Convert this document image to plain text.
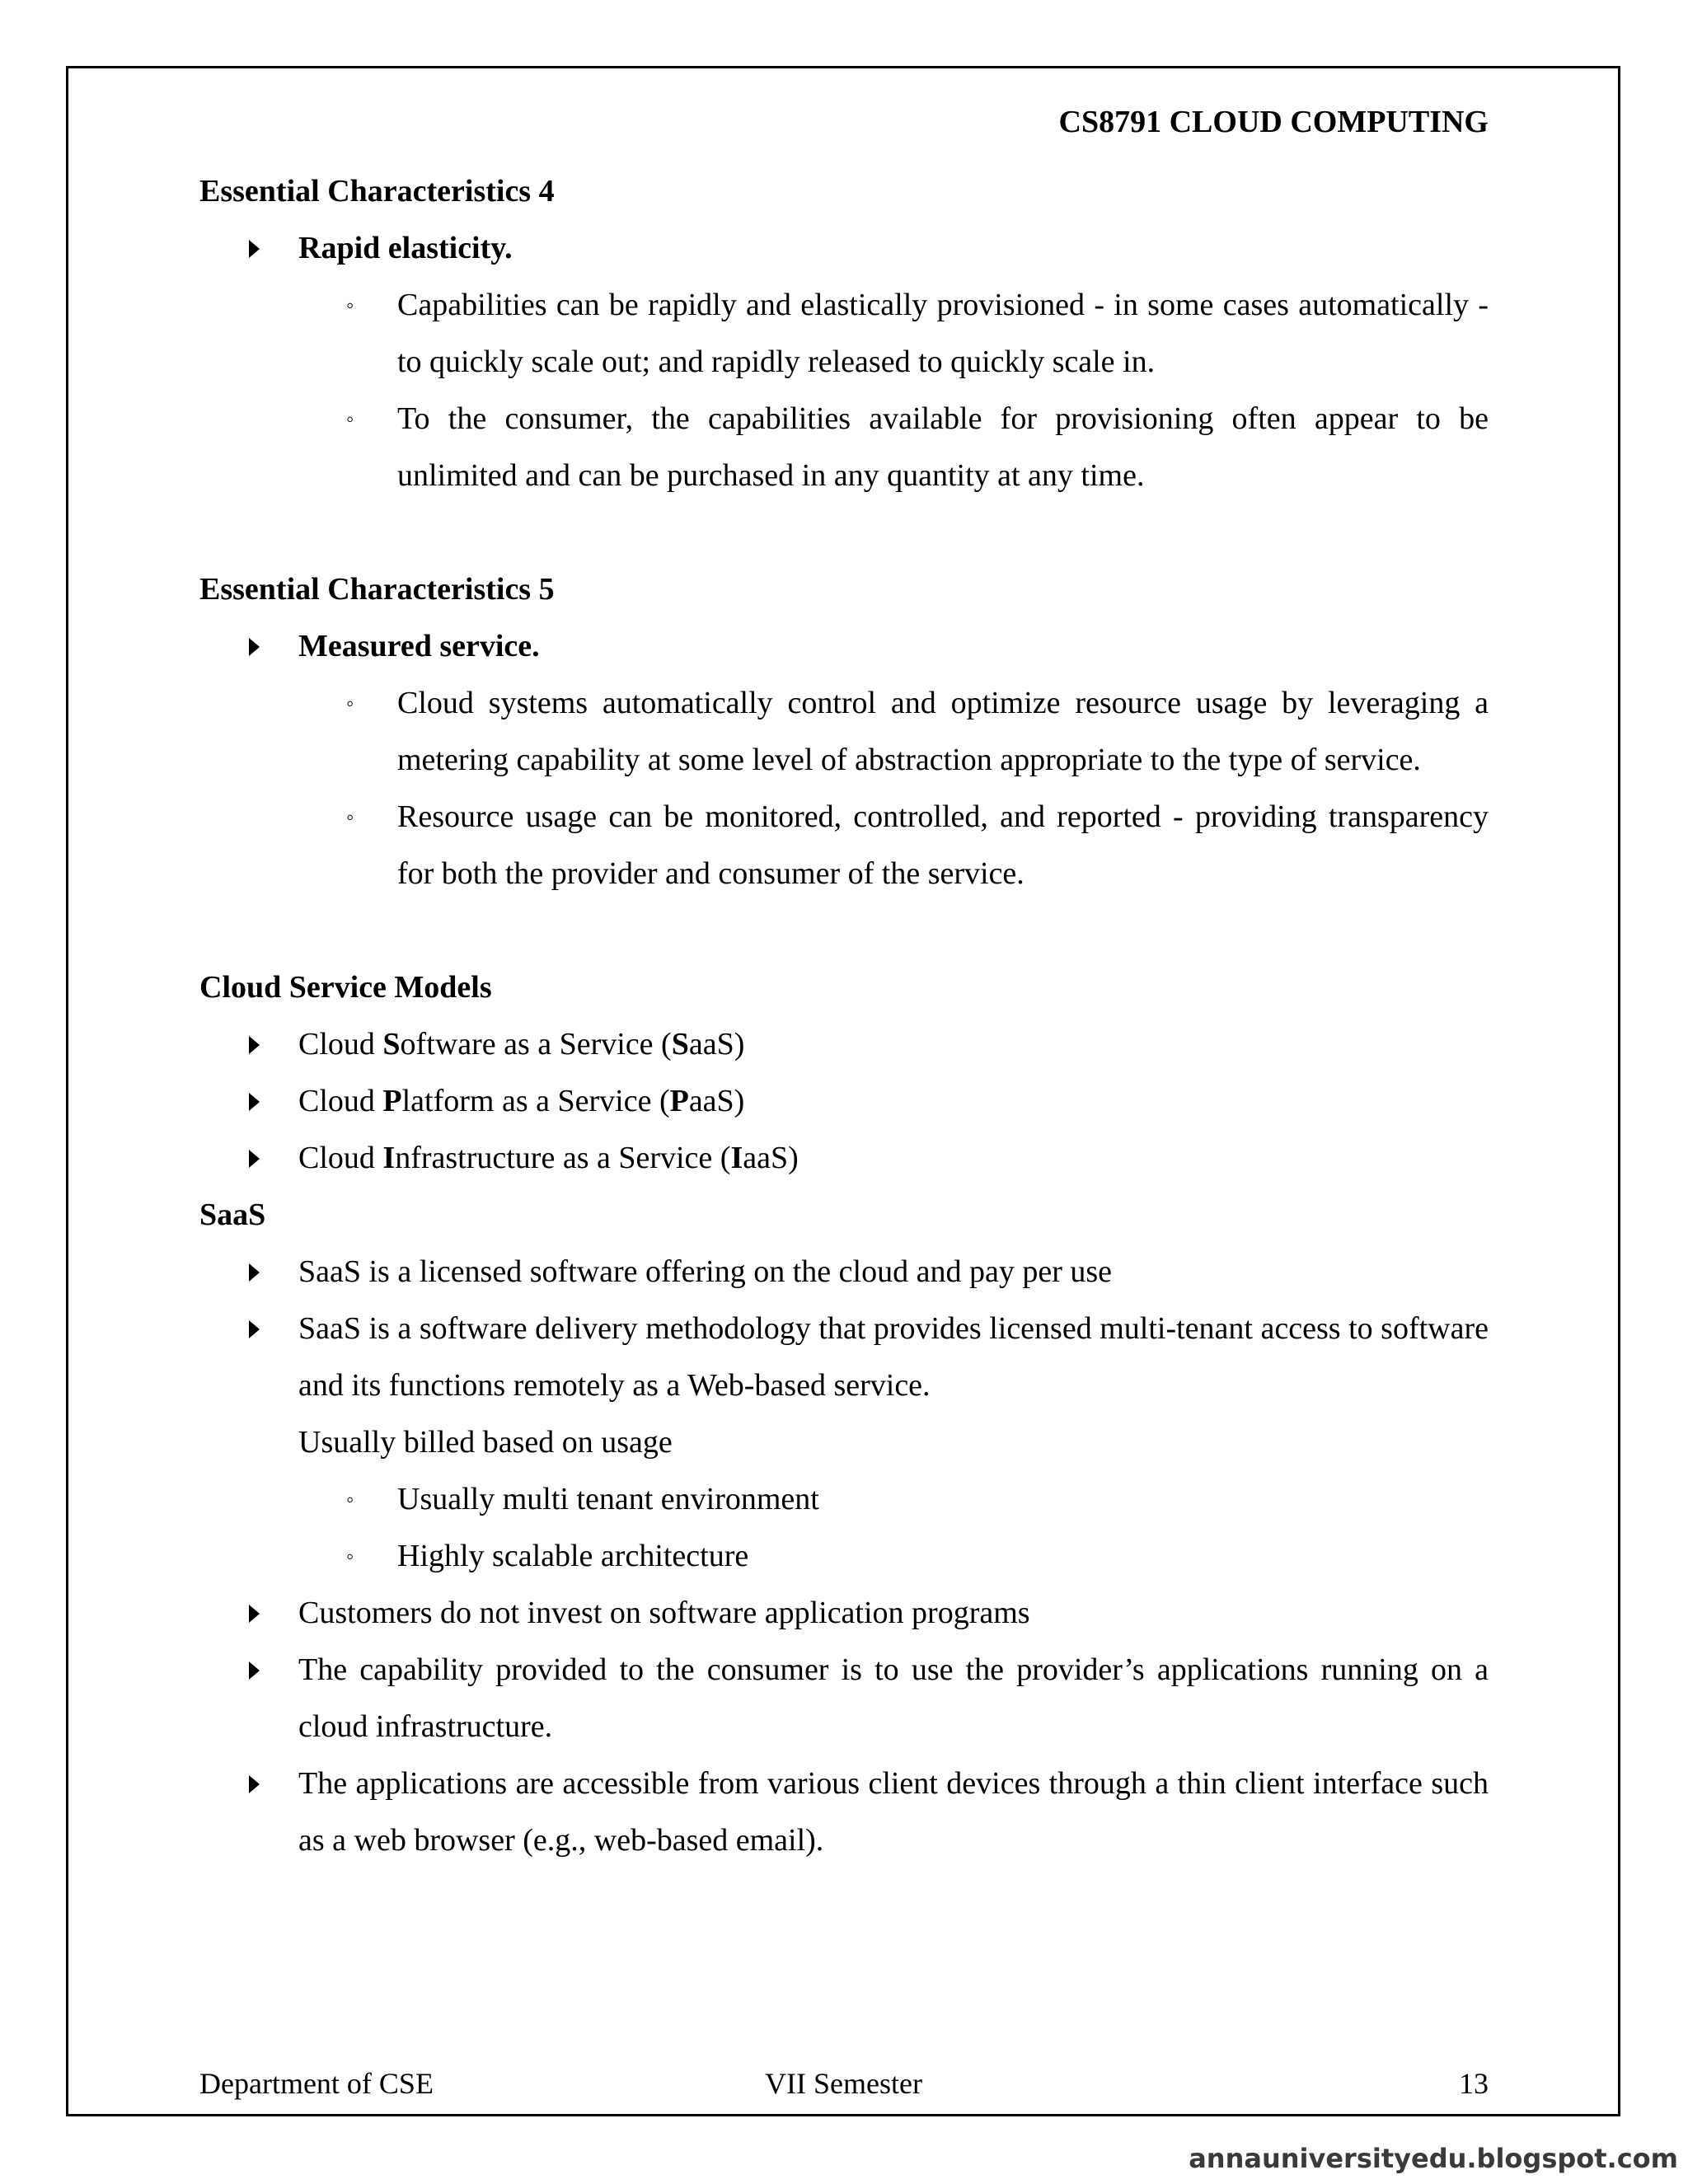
CS8791 CLOUD COMPUTING

Essential Characteristics 4

Rapid elasticity.

◦ Capabilities can be rapidly and elastically provisioned - in some cases automatically - to quickly scale out; and rapidly released to quickly scale in.

◦ To the consumer, the capabilities available for provisioning often appear to be unlimited and can be purchased in any quantity at any time.

Essential Characteristics 5

Measured service.

◦ Cloud systems automatically control and optimize resource usage by leveraging a metering capability at some level of abstraction appropriate to the type of service.

◦ Resource usage can be monitored, controlled, and reported - providing transparency for both the provider and consumer of the service.

Cloud Service Models

Cloud Software as a Service (SaaS)

Cloud Platform as a Service (PaaS)

Cloud Infrastructure as a Service (IaaS)

SaaS

SaaS is a licensed software offering on the cloud and pay per use

SaaS is a software delivery methodology that provides licensed multi-tenant access to software and its functions remotely as a Web-based service.

Usually billed based on usage

◦ Usually multi tenant environment

◦ Highly scalable architecture

Customers do not invest on software application programs

The capability provided to the consumer is to use the provider’s applications running on a cloud infrastructure.

The applications are accessible from various client devices through a thin client interface such as a web browser (e.g., web-based email).

Department of CSE	VII Semester	13
annauniversityedu.blogspot.com
